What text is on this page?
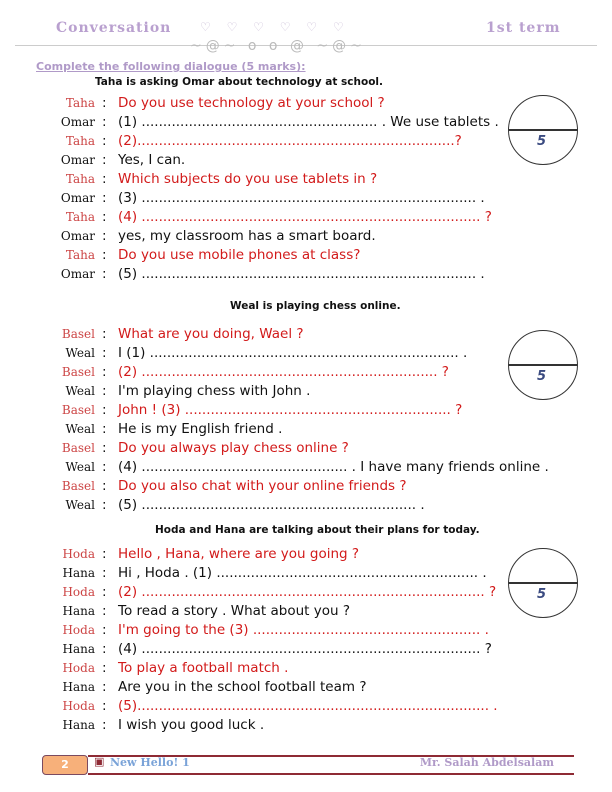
Conversation ♡ ♡ ♡ ♡ ♡ ♡	1st term
~@~ o o @ ~@~
Complete the following dialogue (5 marks):
Taha is asking Omar about technology at school.
Taha : Do you use technology at your school ?
Omar : (1) ....................................................... . We use tablets .
Taha : (2)..........................................................................?
Omar : Yes, I can.
Taha : Which subjects do you use tablets in ?
Omar : (3) .............................................................................. .
Taha : (4) ............................................................................... ?
Omar : yes, my classroom has a smart board.
Taha : Do you use mobile phones at class?
Omar : (5) .............................................................................. .
5
Weal is playing chess online.
Basel : What are you doing, Wael ?
Weal : I (1) ........................................................................ .
Basel : (2) ..................................................................... ?
Weal : I'm playing chess with John .
Basel : John ! (3) .............................................................. ?
Weal : He is my English friend .
Basel : Do you always play chess online ?
Weal : (4) ................................................ . I have many friends online .
Basel : Do you also chat with your online friends ?
Weal : (5) ................................................................ .
5
Hoda and Hana are talking about their plans for today.
Hoda : Hello , Hana, where are you going ?
Hana : Hi , Hoda . (1) ............................................................. .
Hoda : (2) ................................................................................ ?
Hana : To read a story . What about you ?
Hoda : I'm going to the (3) ..................................................... .
Hana : (4) ............................................................................... ?
Hoda : To play a football match .
Hana : Are you in the school football team ?
Hoda : (5).................................................................................. .
Hana : I wish you good luck .
5
2	▣ New Hello! 1	Mr. Salah Abdelsalam
